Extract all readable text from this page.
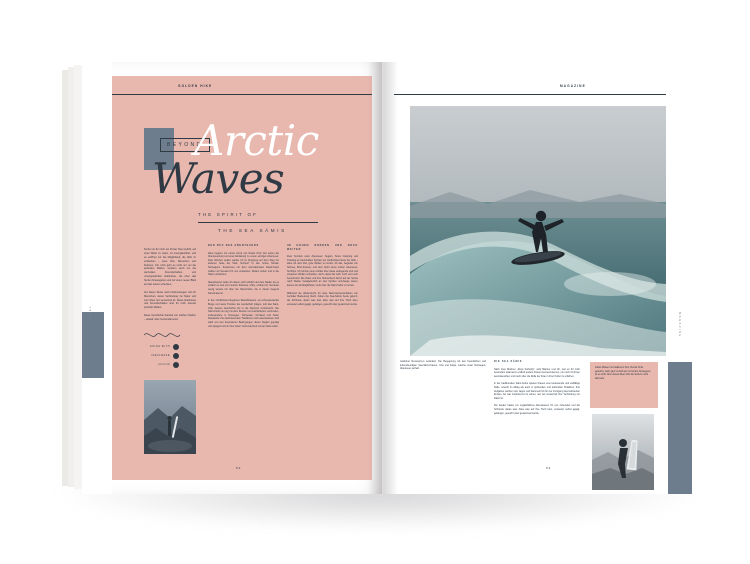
GOLDEN HIKE
TRAVEL
BEYOND
Arctic
Waves
THE SPIRIT OF
THE SEA SÁMIS

Surfen ist für mich ein Portal. Das Gefühl, auf einer Welle zu reiten, ist unvergleichbar, und es eröffnet mir die Möglichkeit, die Welt zu entdecken – neue Orte, Menschen und Kulturen. Für mich geht es nicht nur um die perfekten Wellen, sondern auch um die wertvollen Freundschaften und unvergesslichen Erlebnisse, die über das Surfen hinausgehen und mir einen neuen Blick auf das Leben schenken.

Auf dieser Reise nach Nordnorwegen traf ich Menschen, deren Verbindung zur Natur und zum Meer tief verwurzelt ist. Diese Erlebnisse und Freundschaften sind für mich ebenso perfekte Wellen.

Diese Geschichte handelt von solchen Wellen – eiskalt, aber herzerwärmend.

GOING WITH
IDEALMAKE
philiLM

DER RUF DES ABENTEUERS

Alles begann mit einem Anruf von Roark Ortiz (wir selten die Abenteuerlust) und einer Einladung zu einem einzigen Abenteuer. Zwei Wochen später packte ich im Flugzeug auf dem Weg zur anderen Seite der Welt, Norhoo? In den hohen Norden Norwegens. Zusammen mit dem internationalen Roark-Team wollten wir Neuland für uns entdecken, Wellen surfen und in die Natur eintauchen.

Skandinavien habe ich davon nicht wirklich auf dem Radar, da es einfach so weit von meinem Zuhause, Chile, entfernt ist. Genauso wenig wusste ich über die Sámi-Kultur, die in dieser Gegend beheimatet ist.

In den nördlichsten Regionen Skandinaviens, wo schneebedeckte Berge und weite Tundren die Landschaft prägen, lebt das Sami-Volk, dessen Geschichte bis in die Steinzeit zurückreicht. Die Sámi-Kultur ist eng mit dem Rentier und Lachsfischen verbunden, insbesondere in Norwegen, Schweden, Finnland und Teilen Russlands. Ihre faszinierenden Traditionen und Lebensweisen sind stark von den besonderen Bedingungen dieser Region geprägt und spiegeln sich in ihrer tiefen Verbundenheit mit der Natur wider.

IM HOHEN NORDEN UND NOCH WEITER

Zwei Tenzlets unter Abenteuer: Segeln, Snow Camping und Trekking an traumhaften Fjorden am nördlichsten Ende der Welt – alles mit dem Ziel, gute Wellen zu surfen. All das, begleitet von Schnee, Brüh-Freizeit, und dem Spirit eines echten Abenteuer-Surftrips. Ich könnte einen Artikel über diese aufregende Zeit und einsamen Wellen schreiben, doch etwas hat mich noch viel mehr beeindruckt: Die Kultur und ihre Heimschien! Da ist auf der Suche nach Wellen Gastgeberlich an den Fjorden unterwegs waren, kamen wir als Möglichkeit, mehr über die Sámi-Kultur zu lernen.

Während die Wellensucht für viele Sámi-Gemeinschaften von zentraler Bedeutung bleibt, haben die Sea-Sámis heute gelernt, die Schönste daran was dies alles was auf ihre Tisch kam, entweder selbst gejagt, gefangen, gesucht oder gesammelt wurde.

52
MAGAZINE
MAGAZINE

Kaltes Wasser ist Catalina in ihrer Heimat Chile gewohnt, doch ganz so kalt wie im Norden Norwegens ist es nicht. Aber dieses Meer stört die Surferin nicht allzusehr.

maritimer Ressourcen verändert. Die Begegnung mit den freundlichen und lebensfreudigen Sea-Sámi-Frauen, Una und Kaiya, machte unser Norwegen-Abenteuer perfekt.

DIE SEA SÁMIS

Nach zwei Wochen „Roya Surfetrip", acht Männer und ich, war es für mich besonders spannend, endlich andere Frauen kennenzulernen, um mich mit ihnen auszutauschen und mehr über die Rolle der Frau in ihrer Kultur zu erfahren.

In der traditionellen Sámi-Kultur spielen Frauen eine bedeutende und vielfältige Rolle, sowohl im Alltag als auch in spirituellen und kulturellen Praktiken. Ihre Aufgaben reichen vom Jagen und Sammeln bis hin zur Fertigung des kultivierten Entspo. Es war inspirierend zu sehen, wie tief verwurzelt ihre Verbindung zur Natur ist.

Die beiden hatten ein unglaubliches Abendessen für uns zubereitet und die Schönste daran was: Alles was auf ihre Tisch kam, entweder selbst gejagt, gefangen, gesucht oder gesammelt wurde.

53
